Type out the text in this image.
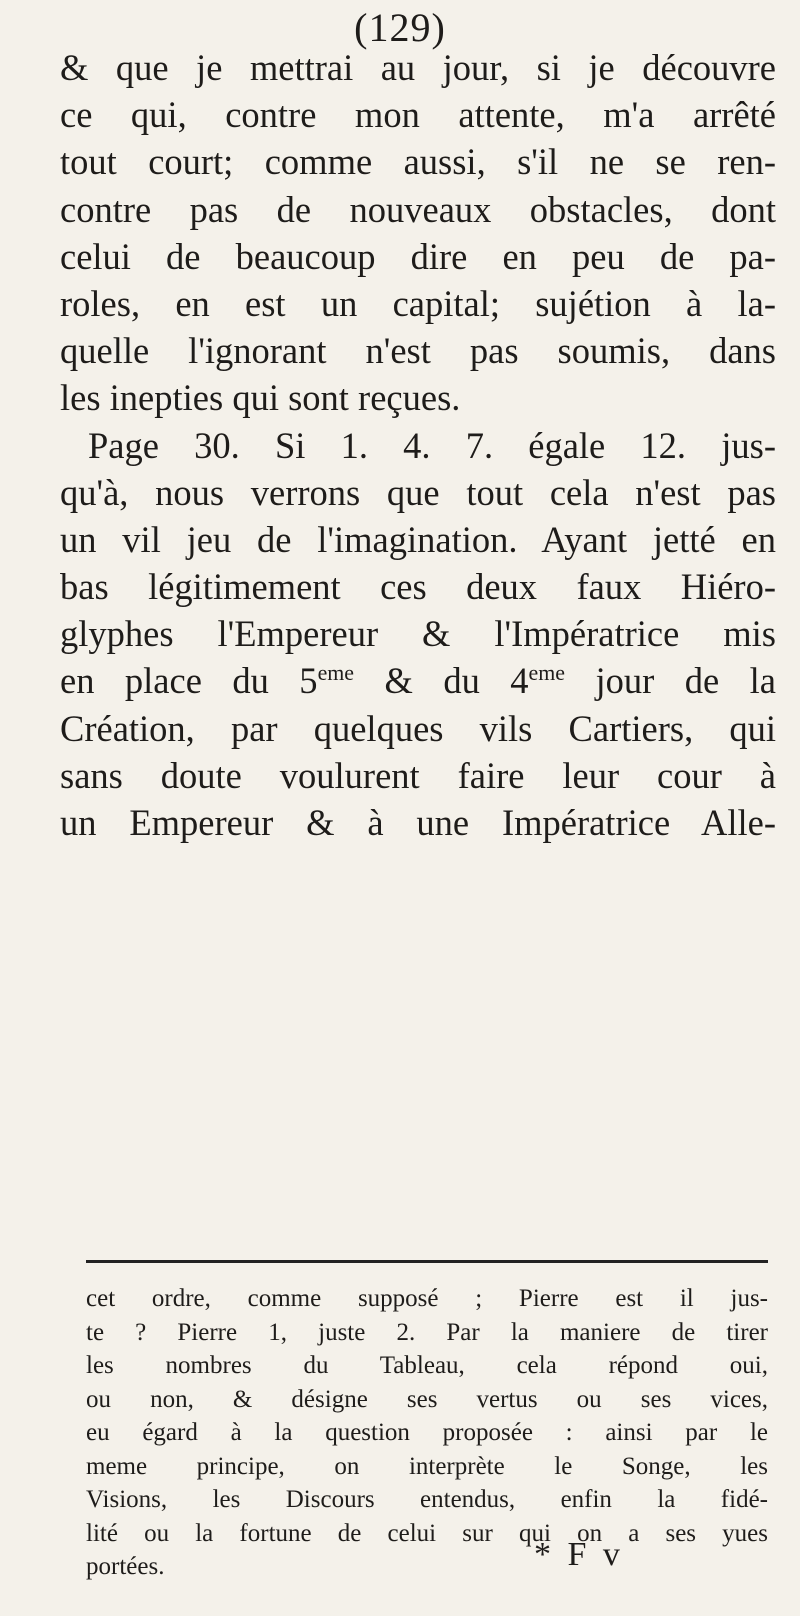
(129)
& que je mettrai au jour, si je découvre
ce qui, contre mon attente, m'a arrêté
tout court; comme aussi, s'il ne se ren-
contre pas de nouveaux obstacles, dont
celui de beaucoup dire en peu de pa-
roles, en est un capital; sujétion à la-
quelle l'ignorant n'est pas soumis, dans
les inepties qui sont reçues.
Page 30. Si 1. 4. 7. égale 12. jus-
qu'à, nous verrons que tout cela n'est pas
un vil jeu de l'imagination. Ayant jetté en
bas légitimement ces deux faux Hiéro-
glyphes l'Empereur & l'Impératrice mis
en place du 5eme & du 4eme jour de la
Création, par quelques vils Cartiers, qui
sans doute voulurent faire leur cour à
un Empereur & à une Impératrice Alle-
cet ordre, comme supposé ; Pierre est il jus-
te ? Pierre 1, juste 2. Par la maniere de tirer
les nombres du Tableau, cela répond oui,
ou non, & désigne ses vertus ou ses vices,
eu égard à la question proposée : ainsi par le
meme principe, on interprète le Songe, les
Visions, les Discours entendus, enfin la fidé-
lité ou la fortune de celui sur qui on a ses yues
portées.	* F v
